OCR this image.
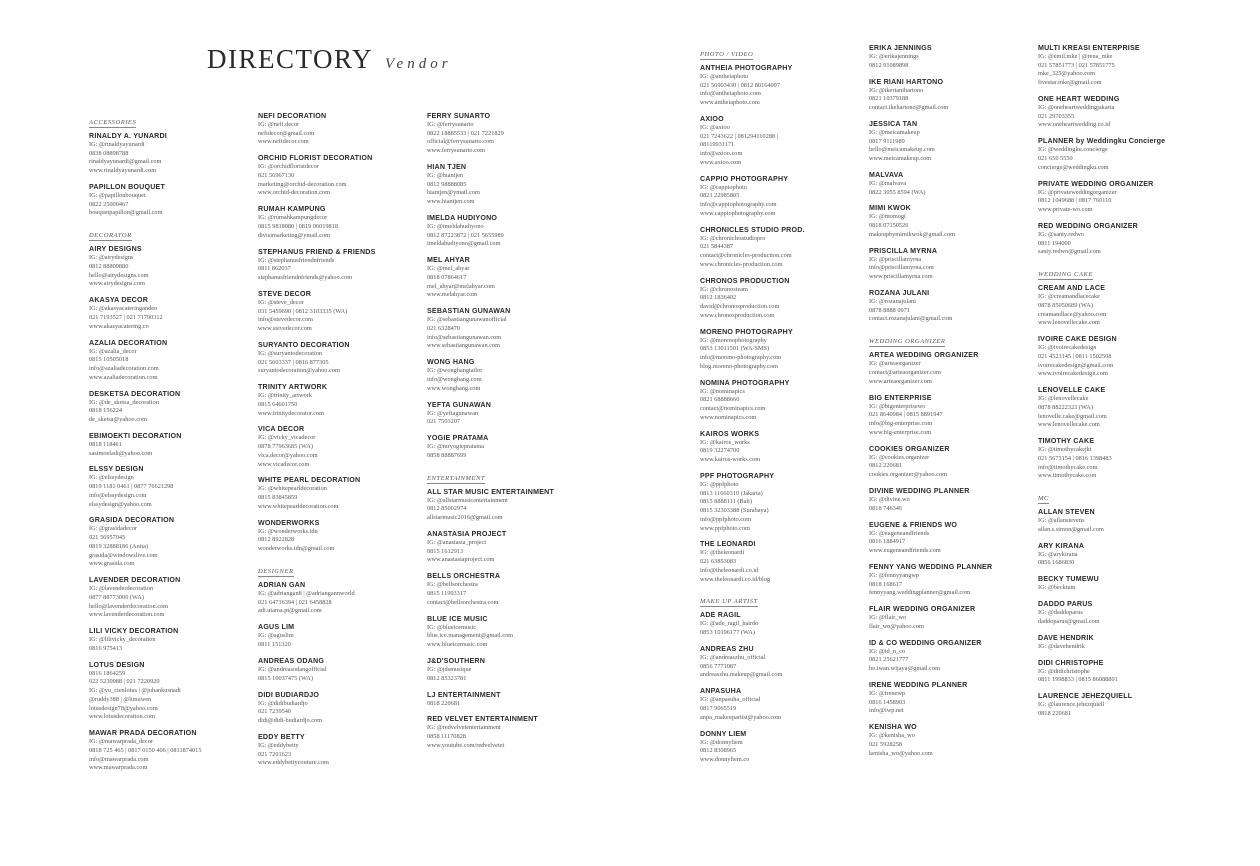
DIRECTORY Vendor
ACCESSORIES
RINALDY A. YUNARDI
IG: @rinaldyayunardi
0838 08898788
rinaldyayunardi@gmail.com
www.rinaldyayunardi.com
PAPILLON BOUQUET
IG: @papillonbouquet
0822 25000467
bouquetpapillon@gmail.com
DECORATOR
AIRY DESIGNS
IG: @airydesigns
0812 88809880
hello@airydesigns.com
www.airydesigns.com
AKASYA DECOR
IG: @akasyacateringandeo
021 7193527 | 021 71790312
www.akasyacatering.co
AZALIA DECORATION
IG: @azalia_decor
0815 10505018
info@azaliadecoration.com
www.azaliadecoration.com
DESKETSA DECORATION
IG: @de_sketsa_decoration
0818 156224
de_sketsa@yahoo.com
EBIMOEKTI DECORATION
0818 118461
sasimoeladi@yahoo.com
ELSSY DESIGN
IG: @elssydesign
0819 1181 0461 | 0877 76621298
info@elssydesign.com
elssydesign@yahoo.com
GRASIDA DECORATION
IG: @grasidadecor
021 56957045
0819 32888186 (Anita)
grasida@windowslive.com
www.grasida.com
LAVENDER DECORATION
IG: @lavenderdecoration
0877 88773000 (WA)
hello@lavenderdecoration.com
www.lavenderdecoration.com
LILI VICKY DECORATION
IG: @lilivicky_decoration
0816 975413
LOTUS DESIGN
0816 1864259
022 5230088 | 021 7220920
IG: @yu_cienlotus | @johankusnadi
@ruddy388 | @limuwen
lotusdesign78@yahoo.com
www.lotusdecoration.com
MAWAR PRADA DECORATION
IG: @mawarprada_decor
0818 725 465 | 0817 0150 406 | 0811874015
info@mawarprada.com
www.mawarprada.com
NEFI DECORATION
IG: @nefi.decor
nefidecor@gmail.com
www.nefidecor.com
ORCHID FLORIST DECORATION
IG: @orchidfloristdecor
021 56967130
marketing@orchid-decoration.com
www.orchid-decoration.com
RUMAH KAMPUNG
IG: @rumahkampungdecor
0815 9818080 | 0819 06019818
divisimarketing@ymail.com
STEPHANUS FRIEND & FRIENDS
IG: @stephanusfriendnfriends
0811 862037
stephanusfriendnfriends@yahoo.com
STEVE DECOR
IG: @steve_decor
031 5459690 | 0812 3103335 (WA)
info@stevedecor.com
www.stevedecor.com
SURYANTO DECORATION
IG: @suryantodecoration
021 5603337 | 0816 877305
suryantodecoration@yahoo.com
TRINITY ARTWORK
IG: @trinity_artwork
0815 64601750
www.trinitydecorator.com
VICA DECOR
IG: @vicky_vicadecor
0878 77963685 (WA)
vica.decor@yahoo.com
www.vicadecor.com
WHITE PEARL DECORATION
IG: @whitepearldecoration
0815 83845859
www.whitepearldecoration.com
WONDERWORKS
IG: @wonderworks.idn
0812 8922828
wonderworks.idn@gmail.com
DESIGNER
ADRIAN GAN
IG: @adriangan8 | @adriangannworld
021 64716394 | 021 6458828
adi.utama.pt@gmail.com
AGUS LIM
IG: @aguslim
0811 151320
ANDREAS ODANG
IG: @andreasodangofficial
0815 10037475 (WA)
DIDI BUDIARDJO
IG: @didibudiardjo
021 7239540
didi@didi-budiardjo.com
EDDY BETTY
IG: @eddybetty
021 7201623
www.eddybettycouture.com
FERRY SUNARTO
IG: @ferrysunarto
0822 18885533 | 021 7221829
official@ferrysunarto.com
www.ferrysunarto.com
HIAN TJEN
IG: @hiantjen
0812 98888085
hiantjen@ymail.com
www.hiantjen.com
IMELDA HUDIYONO
IG: @imeldahudiyono
0812 87223872 | 021 5655989
imeldahudiyono@gmail.com
MEL AHYAR
IG: @mel_ahyar
0818 07864617
mel_ahyar@melahyar.com
www.melahyar.com
SEBASTIAN GUNAWAN
IG: @sebastiangunawanofficial
021 6328470
info@sebastiangunawan.com
www.sebastiangunawan.com
WONG HANG
IG: @wonghangtailor
info@wonghang.com
www.wonghang.com
YEFTA GUNAWAN
IG: @yeftagunawan
021 7503207
YOGIE PRATAMA
IG: @mryogiepratama
0858 88887699
ENTERTAINMENT
ALL STAR MUSIC ENTERTAINMENT
IG: @allstarmusicentertainment
0812 85002974
allstarmusic2016@gmail.com
ANASTASIA PROJECT
IG: @anastasia_project
0815 1612913
www.anastasiaproject.com
BELLS ORCHESTRA
IG: @bellsorchestra
0815 11993317
contact@bellsorchestra.com
BLUE ICE MUSIC
IG: @blueicemusic
blue.ice.management@gmail.com
www.blueicemusic.com
J&D'SOUTHERN
IG: @jdsmusique
0812 85323781
LJ ENTERTAINMENT
0818 220681
RED VELVET ENTERTAINMENT
IG: @redvelvetentertainment
0858 11170828
www.youtube.com/redvelvetet
PHOTO / VIDEO
ANTHEIA PHOTOGRAPHY
IG: @antheiaphoto
021 56903430 | 0812 80164097
info@antheiaphoto.com
www.antheiaphoto.com
AXIOO
IG: @axioo
021 7243622 | 081294110288 |
08119931171
info@axioo.com
www.axioo.com
CAPPIO PHOTOGRAPHY
IG: @cappiophoto
0821 22985805
info@cappiophotography.com
www.cappiophotography.com
CHRONICLES STUDIO PROD.
IG: @chroniclesstudiopro
021 5844387
contact@chronicles-production.com
www.chronicles-production.com
CHRONOS PRODUCTION
IG: @chronosteam
0812 1836402
david@chronosproduction.com
www.chronosproduction.com
MORENO PHOTOGRAPHY
IG: @morenophotography
0853 13011501 (WA/SMS)
info@moreno-photography.com
blog.moreno-photography.com
NOMINA PHOTOGRAPHY
IG: @nominapics
0821 68888660
contact@nominapics.com
www.nominapics.com
KAIROS WORKS
IG: @kairos_works
0819 32274700
www.kairos-works.com
PPF PHOTOGRAPHY
IG: @ppfphoto
0813 11660310 (Jakarta)
0815 8888111 (Bali)
0815 32303388 (Surabaya)
info@ppfphoto.com
www.ppfphoto.com
THE LEONARDI
IG: @theleonardi
021 63853083
info@theleonardi.co.id
www.theleonardi.co.id/blog
MAKE UP ARTIST
ADE RAGIL
IG: @ade_ragil_hairdo
0853 10196177 (WA)
ANDREAS ZHU
IG: @andreaszhu_official
0856 7771087
andreaszhu.makeup@gmail.com
ANPASUHA
IG: @anpasuha_official
0817 9065519
anpa_makeupartist@yahoo.com
DONNY LIEM
IG: @donnyliem
0812 8308965
www.donnyliem.co
ERIKA JENNINGS
IG: @erikajennings
0812 91089898
IKE RIANI HARTONO
IG: @ikerianihartono
0821 10379188
contact.ikehartono@gmail.com
JESSICA TAN
IG: @meicamakeup
0817 9111989
hello@meicamakeup.com
www.meicamakeup.com
MALVAVA
IG: @malvava
0822 3055 8594 (WA)
MIMI KWOK
IG: @momogi
0818 07150526
makeupbymimikwok@gmail.com
PRISCILLA MYRNA
IG: @priscillamyrna
info@priscillamyrna.com
www.priscillamyrna.com
ROZANA JULANI
IG: @rozanajulani
0878 8888 0971
contact.rozanajulani@gmail.com
WEDDING ORGANIZER
ARTEA WEDDING ORGANIZER
IG: @arteaorganizer
contact@arteaorganizer.com
www.arteaorganizer.com
BIG ENTERPRISE
IG: @bigenterprisewo
021 8640984 | 0815 8891947
info@big-enterprise.com
www.big-enterprise.com
COOKIES ORGANIZER
IG: @cookies.organizer
0812 220681
cookies.organizer@yahoo.com
DIVINE WEDDING PLANNER
IG: @divine.wo
0818 746346
EUGENE & FRIENDS WO
IG: @eugeneandfriends
0816 1884917
www.eugeneandfriends.com
FENNY YANG WEDDING PLANNER
IG: @fennyyangwp
0818 168617
fennyyang.weddingplanner@gmail.com
FLAIR WEDDING ORGANIZER
IG: @flair_wo
flair_wo@yahoo.com
ID & CO WEDDING ORGANIZER
IG: @id_n_co
0821 25621777
ho.iwan.wijaya@gmail.com
IRENE WEDDING PLANNER
IG: @irenewp
0816 1458903
info@iwp.net
KENISHA WO
IG: @kenisha_wo
021 5928258
kenisha_wo@yahoo.com
MULTI KREASI ENTERPRISE
IG: @emil.mke | @rena_mke
021 57851773 | 021 57851775
mke_325@yahoo.com
fivestar.mke@gmail.com
ONE HEART WEDDING
IG: @oneheartweddingjakarta
021 29703355
www.oneheartwedding.co.id
PLANNER by Weddingku Concierge
IG: @weddingku.concierge
021 650 5550
concierge@weddingku.com
PRIVATE WEDDING ORGANIZER
IG: @privateweddingorganizer
0812 1049688 | 0817 760110
www.private-wo.com
RED WEDDING ORGANIZER
IG: @santy.redwo
0811 194000
santy.redwo@gmail.com
WEDDING CAKE
CREAM AND LACE
IG: @creamandlacecake
0878 85050689 (WA)
creamandlace@yahoo.com
www.lenovellecake.com
IVOIRE CAKE DESIGN
IG: @ivoirecakedesign
021 4523145 | 0811 1502508
ivoirecakedesign@gmail.com
www.ivoirecakedesign.com
LENOVELLE CAKE
IG: @lenovellecake
0878 88222323 (WA)
lenovelle.cake@gmail.com
www.lenovellecake.com
TIMOTHY CAKE
IG: @timothycakejkt
021 5673154 | 0816 1398483
info@timothycake.com
www.timothycake.com
MC
ALLAN STEVEN
IG: @allanstevens
allan.s.simon@gmail.com
ARY KIRANA
IG: @arykirana
0856 1686830
BECKY TUMEWU
IG: @becktum
DADDO PARUS
IG: @daddoparus
daddoparus@gmail.com
DAVE HENDRIK
IG: @davehendrik
DIDI CHRISTOPHE
IG: @didichristophe
0811 1998833 | 0815 86088801
LAURENCE JEHEZQUIELL
IG: @laurence.jehezquiell
0818 220681
